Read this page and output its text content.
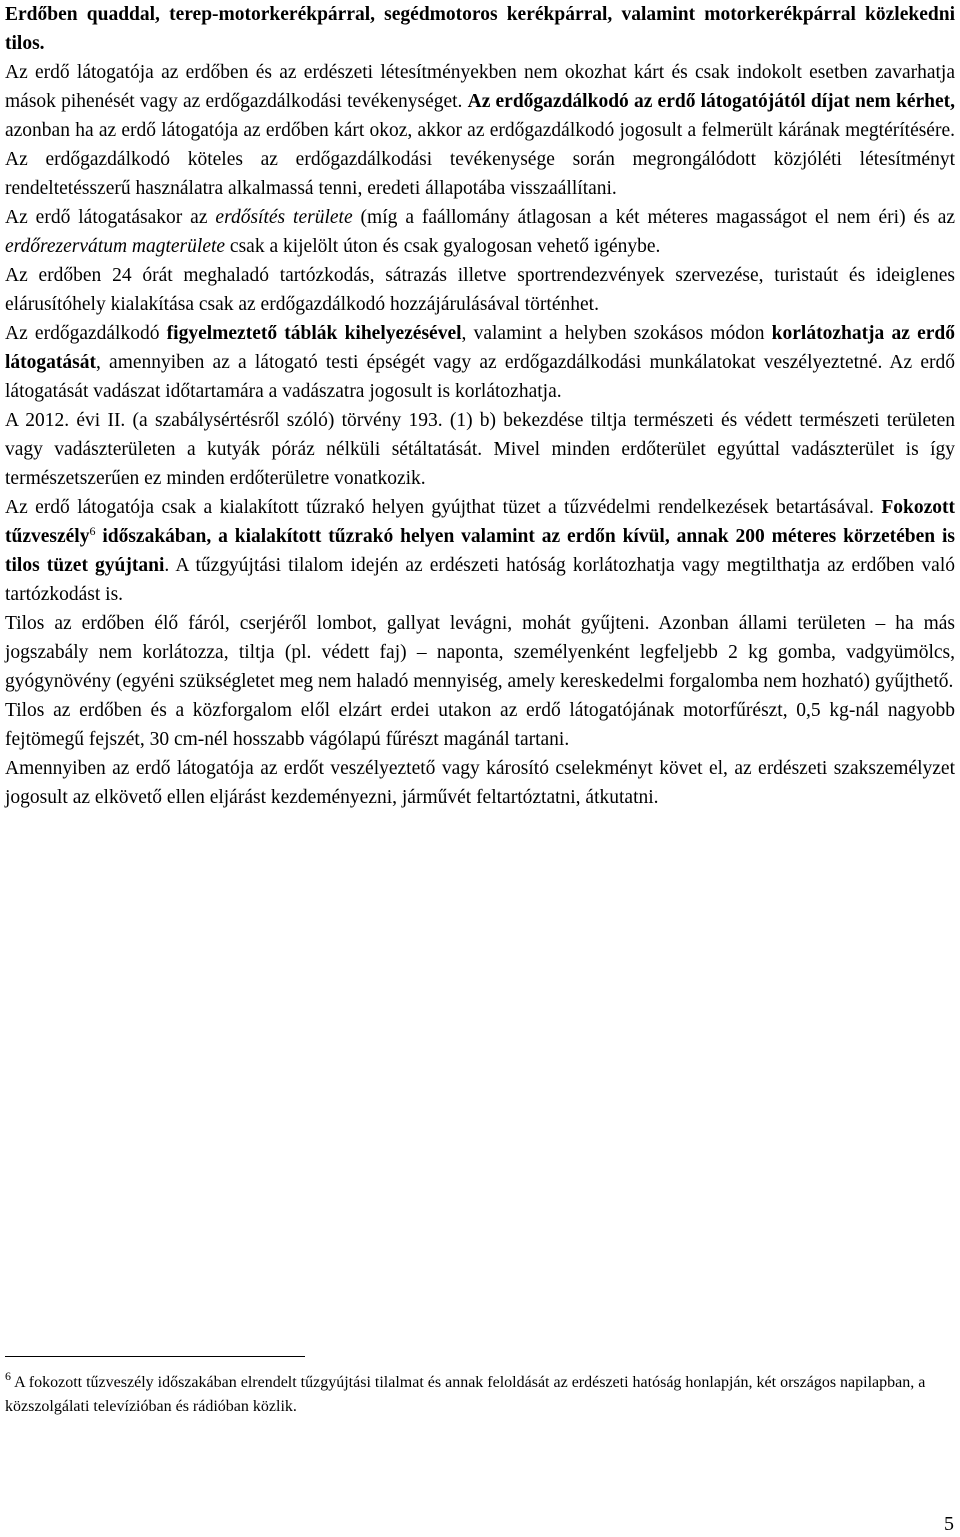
Erdőben quaddal, terep-motorkerékpárral, segédmotoros kerékpárral, valamint motorkerékpárral közlekedni tilos.

Az erdő látogatója az erdőben és az erdészeti létesítményekben nem okozhat kárt és csak indokolt esetben zavarhatja mások pihenését vagy az erdőgazdálkodási tevékenységet. Az erdőgazdálkodó az erdő látogatójától díjat nem kérhet, azonban ha az erdő látogatója az erdőben kárt okoz, akkor az erdőgazdálkodó jogosult a felmerült kárának megtérítésére. Az erdőgazdálkodó köteles az erdőgazdálkodási tevékenysége során megrongálódott közjóléti létesítményt rendeltetésszerű használatra alkalmassá tenni, eredeti állapotába visszaállítani.

Az erdő látogatásakor az erdősítés területe (míg a faállomány átlagosan a két méteres magasságot el nem éri) és az erdőrezervátum magterülete csak a kijelölt úton és csak gyalogosan vehető igénybe.

Az erdőben 24 órát meghaladó tartózkodás, sátrazás illetve sportrendezvények szervezése, turistaút és ideiglenes elárusítóhely kialakítása csak az erdőgazdálkodó hozzájárulásával történhet.

Az erdőgazdálkodó figyelmeztető táblák kihelyezésével, valamint a helyben szokásos módon korlátozhatja az erdő látogatását, amennyiben az a látogató testi épségét vagy az erdőgazdálkodási munkálatokat veszélyeztetné. Az erdő látogatását vadászat időtartamára a vadászatra jogosult is korlátozhatja.

A 2012. évi II. (a szabálysértésről szóló) törvény 193. (1) b) bekezdése tiltja természeti és védett természeti területen vagy vadászterületen a kutyák póráz nélküli sétáltatását. Mivel minden erdőterület egyúttal vadászterület is így természetszerűen ez minden erdőterületre vonatkozik.

Az erdő látogatója csak a kialakított tűzrakó helyen gyújthat tüzet a tűzvédelmi rendelkezések betartásával. Fokozott tűzveszély$^6$ időszakában, a kialakított tűzrakó helyen valamint az erdőn kívül, annak 200 méteres körzetében is tilos tüzet gyújtani. A tűzgyújtási tilalom idején az erdészeti hatóság korlátozhatja vagy megtilthatja az erdőben való tartózkodást is.

Tilos az erdőben élő fáról, cserjéről lombot, gallyat levágni, mohát gyűjteni. Azonban állami területen – ha más jogszabály nem korlátozza, tiltja (pl. védett faj) – naponta, személyenként legfeljebb 2 kg gomba, vadgyümölcs, gyógynövény (egyéni szükségletet meg nem haladó mennyiség, amely kereskedelmi forgalomba nem hozható) gyűjthető.

Tilos az erdőben és a közforgalom elől elzárt erdei utakon az erdő látogatójának motorfűrészt, 0,5 kg-nál nagyobb fejtömegű fejszét, 30 cm-nél hosszabb vágólapú fűrészt magánál tartani.

Amennyiben az erdő látogatója az erdőt veszélyeztető vagy károsító cselekményt követ el, az erdészeti szakszemélyzet jogosult az elkövető ellen eljárást kezdeményezni, járművét feltartóztatni, átkutatni.

$^6$ A fokozott tűzveszély időszakában elrendelt tűzgyújtási tilalmat és annak feloldását az erdészeti hatóság honlapján, két országos napilapban, a közszolgálati televízióban és rádióban közlik.

5
